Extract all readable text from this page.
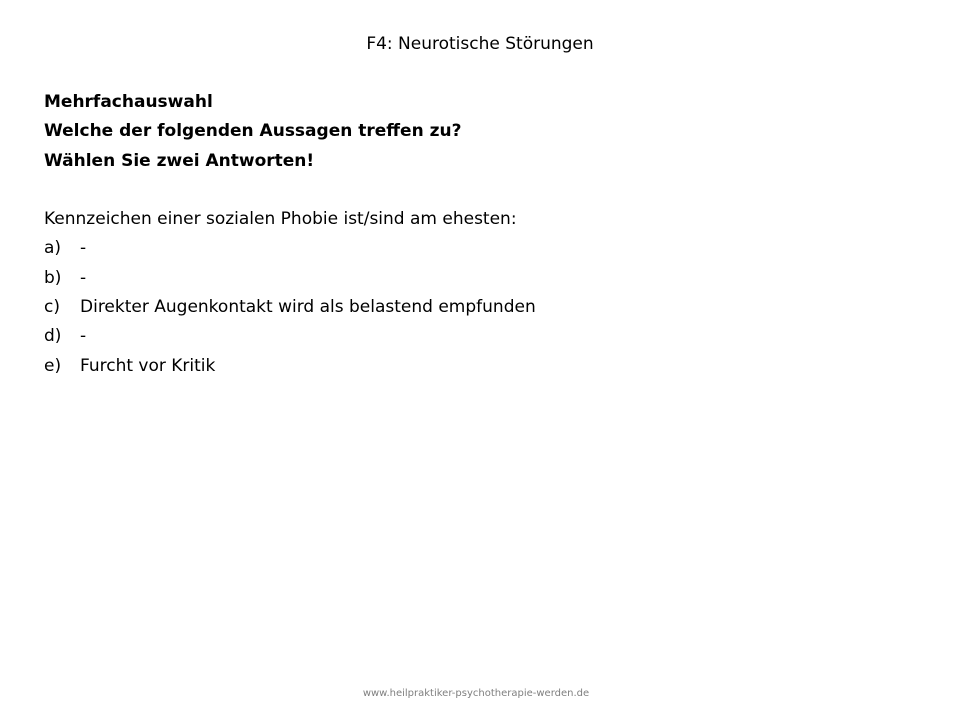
F4: Neurotische Störungen
Mehrfachauswahl
Welche der folgenden Aussagen treffen zu?
Wählen Sie zwei Antworten!
Kennzeichen einer sozialen Phobie ist/sind am ehesten:
a)	-
b)	-
c)	Direkter Augenkontakt wird als belastend empfunden
d)	-
e)	Furcht vor Kritik
www.heilpraktiker-psychotherapie-werden.de
